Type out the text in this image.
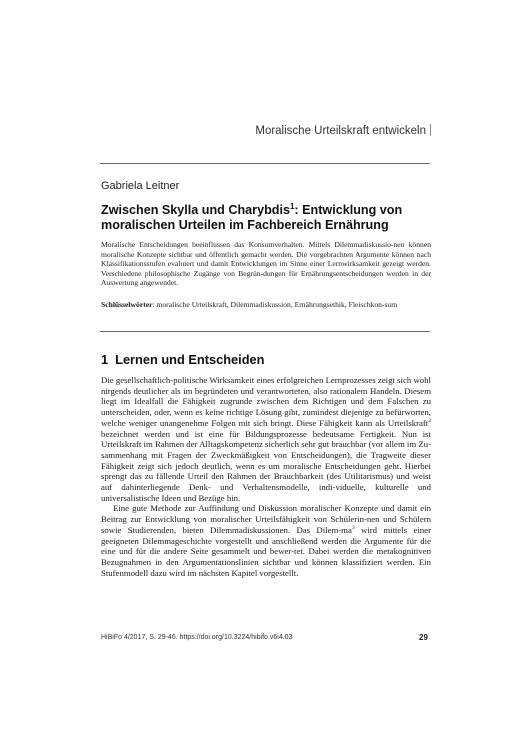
Moralische Urteilskraft entwickeln
Gabriela Leitner
Zwischen Skylla und Charybdis$^1$: Entwicklung von moralischen Urteilen im Fachbereich Ernährung
Moralische Entscheidungen beeinflussen das Konsumverhalten. Mittels Dilemmadiskussio-nen können moralische Konzepte sichtbar und öffentlich gemacht werden. Die vorgebrachten Argumente können nach Klassifikationsstufen evaluiert und damit Entwicklungen im Sinne einer Lernwirksamkeit gezeigt werden. Verschiedene philosophische Zugänge von Begrün-dungen für Ernährungsentscheidungen werden in der Auswertung angewendet.
Schlüsselwörter: moralische Urteilskraft, Dilemmadiskussion, Ernährungsethik, Fleischkon-sum
1 Lernen und Entscheiden

Die gesellschaftlich-politische Wirksamkeit eines erfolgreichen Lernprozesses zeigt sich wohl nirgends deutlicher als im begründeten und verantworteten, also rationalem Handeln. Diesem liegt im Idealfall die Fähigkeit zugrunde zwischen dem Richtigen und dem Falschen zu unterscheiden, oder, wenn es keine richtige Lösung gibt, zumindest diejenige zu befürworten, welche weniger unangenehme Folgen mit sich bringt. Diese Fähigkeit kann als Urteilskraft$^2$ bezeichnet werden und ist eine für Bildungsprozesse bedeutsame Fertigkeit. Nun ist Urteilskraft im Rahmen der Alltagskompetenz sicherlich sehr gut brauchbar (vor allem im Zu-sammenhang mit Fragen der Zweckmäßigkeit von Entscheidungen), die Tragweite dieser Fähigkeit zeigt sich jedoch deutlich, wenn es um moralische Entscheidungen geht. Hierbei sprengt das zu fällende Urteil den Rahmen der Brauchbarkeit (des Utilitarismus) und weist auf dahinterliegende Denk- und Verhaltensmodelle, indi-viduelle, kulturelle und universalistische Ideen und Bezüge hin.

Eine gute Methode zur Auffindung und Diskussion moralischer Konzepte und damit ein Beitrag zur Entwicklung von moralischer Urteilsfähigkeit von Schülerin-nen und Schülern sowie Studierenden, bieten Dilemmadiskussionen. Das Dilem-$ma^3$ wird mittels einer geeigneten Dilemmageschichte vorgestellt und anschließend werden die Argumente für die eine und für die andere Seite gesammelt und bewer-tet. Dabei werden die metakognitiven Bezugnahmen in den Argumentationslinien sichtbar und können klassifiziert werden. Ein Stufenmodell dazu wird im nächsten Kapitel vorgestellt.

HiBiFo 4/2017, S. 29-46. https://doi.org/10.3224/hibifo.v6i4.03	29
